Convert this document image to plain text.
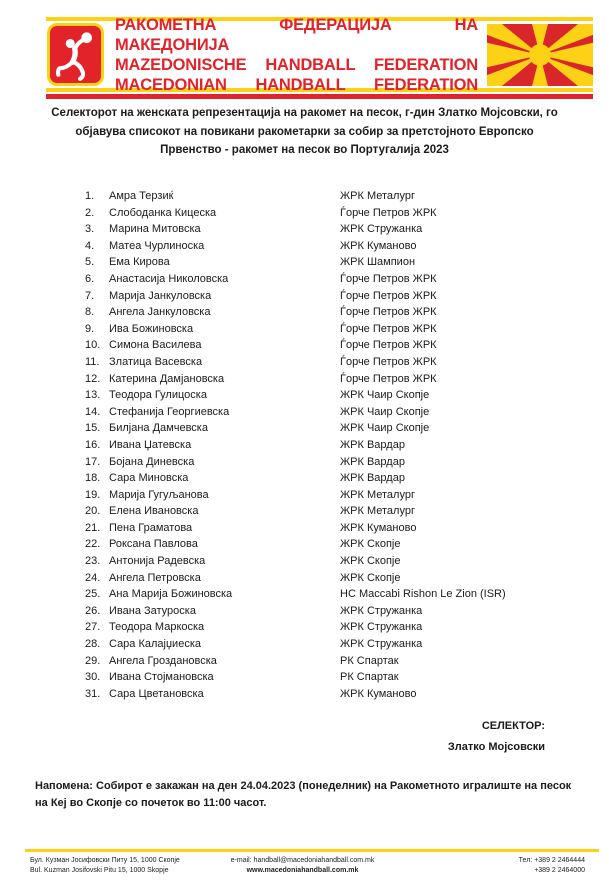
РАКОМЕТНА ФЕДЕРАЦИЈА НА МАКЕДОНИЈА
MAZEDONISCHE HANDBALL FEDERATION
MACEDONIAN HANDBALL FEDERATION
Селекторот на женската репрезентација на ракомет на песок, г-дин Златко Мојсовски, го објавува списокот на повикани ракометарки за собир за претстојното Европско Првенство - ракомет на песок во Португалија 2023
1. Амра Терзиќ	ЖРК Металург
2. Слободанка Кицеска	Ѓорче Петров ЖРК
3. Марина Митовска	ЖРК Стружанка
4. Матеа Чурлиноска	ЖРК Куманово
5. Ема Кирова	ЖРК Шампион
6. Анастасија Николовска	Ѓорче Петров ЖРК
7. Марија Јанкуловска	Ѓорче Петров ЖРК
8. Ангела Јанкуловска	Ѓорче Петров ЖРК
9. Ива Божиновска	Ѓорче Петров ЖРК
10. Симона Василева	Ѓорче Петров ЖРК
11. Златица Васевска	Ѓорче Петров ЖРК
12. Катерина Дамјановска	Ѓорче Петров ЖРК
13. Теодора Гулицоска	ЖРК Чаир Скопје
14. Стефанија Георгиевска	ЖРК Чаир Скопје
15. Билјана Дамчевска	ЖРК Чаир Скопје
16. Ивана Џатевска	ЖРК Вардар
17. Бојана Диневска	ЖРК Вардар
18. Сара Миновска	ЖРК Вардар
19. Марија Гугуљанова	ЖРК Металург
20. Елена Ивановска	ЖРК Металург
21. Пена Граматова	ЖРК Куманово
22. Роксана Павлова	ЖРК Скопје
23. Антонија Радевска	ЖРК Скопје
24. Ангела Петровска	ЖРК Скопје
25. Ана Марија Божиновска	HC Maccabi Rishon Le Zion (ISR)
26. Ивана Затуроска	ЖРК Стружанка
27. Теодора Маркоска	ЖРК Стружанка
28. Сара Калајџиеска	ЖРК Стружанка
29. Ангела Гроздановска	РК Спартак
30. Ивана Стојмановска	РК Спартак
31. Сара Цветановска	ЖРК Куманово
СЕЛЕКТОР:
Златко Мојсовски
Напомена: Собирот е закажан на ден 24.04.2023 (понеделник) на Ракометното игралиште на песок на Кеј во Скопје со почеток во 11:00 часот.
Бул. Кузман Јосифовски Питу 15, 1000 Скопје
Bul. Kuzman Josifovski Pitu 15, 1000 Skopje
e-mail: handball@macedoniahandball.com.mk
www.macedoniahandball.com.mk
Тел: +389 2 2464444
+389 2 2464000
